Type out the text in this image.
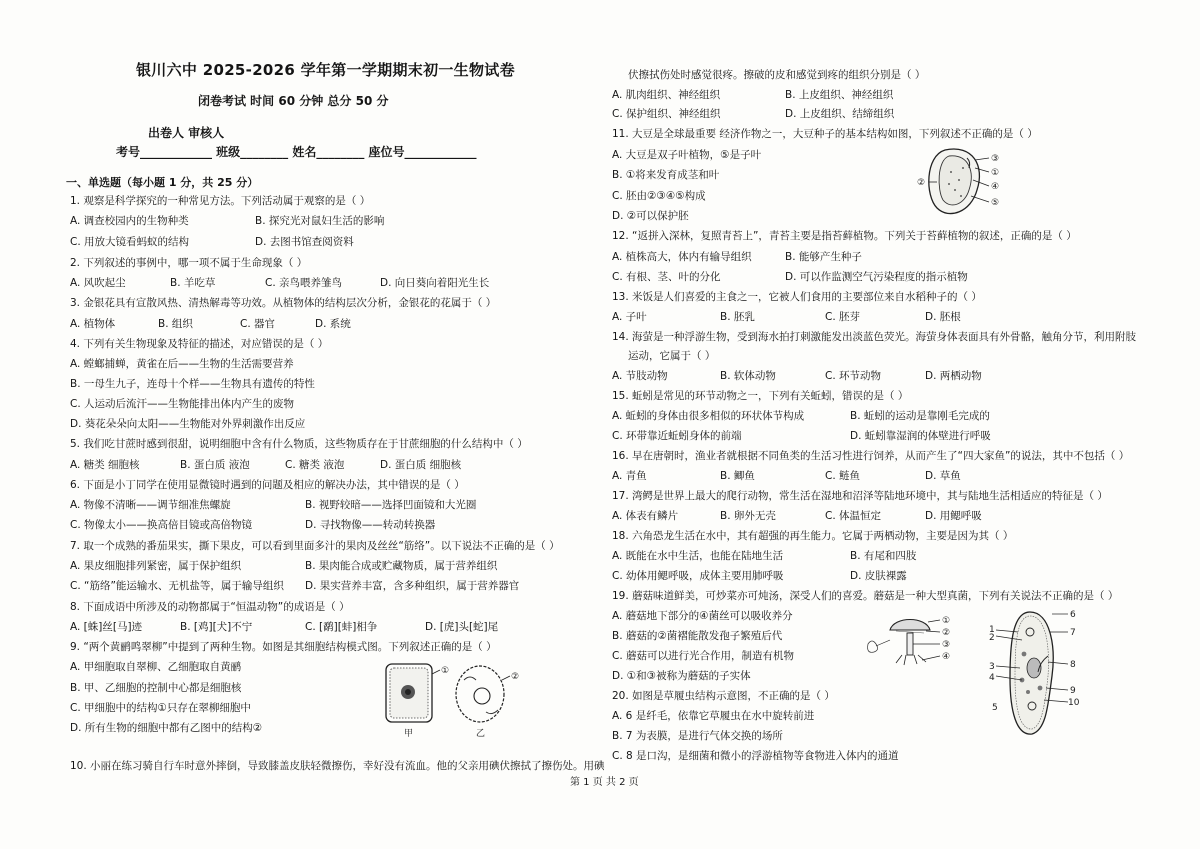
银川六中 2025-2026 学年第一学期期末初一生物试卷
闭卷考试 时间 60 分钟 总分 50 分
出卷人 审核人
考号____________ 班级________ 姓名________ 座位号____________
一、单选题（每小题 1 分，共 25 分）
1. 观察是科学探究的一种常见方法。下列活动属于观察的是（ ）
A. 调查校园内的生物种类	B. 探究光对鼠妇生活的影响
C. 用放大镜看蚂蚁的结构	D. 去图书馆查阅资料
2. 下列叙述的事例中，哪一项不属于生命现象（ ）
A. 风吹起尘	B. 羊吃草	C. 亲鸟喂养雏鸟	D. 向日葵向着阳光生长
3. 金银花具有宣散风热、清热解毒等功效。从植物体的结构层次分析，金银花的花属于（ ）
A. 植物体	B. 组织	C. 器官	D. 系统
4. 下列有关生物现象及特征的描述，对应错误的是（ ）
A. 螳螂捕蝉，黄雀在后——生物的生活需要营养
B. 一母生九子，连母十个样——生物具有遗传的特性
C. 人运动后流汗——生物能排出体内产生的废物
D. 葵花朵朵向太阳——生物能对外界刺激作出反应
5. 我们吃甘蔗时感到很甜，说明细胞中含有什么物质，这些物质存在于甘蔗细胞的什么结构中（ ）
A. 糖类 细胞核	B. 蛋白质 液泡	C. 糖类 液泡	D. 蛋白质 细胞核
6. 下面是小丁同学在使用显微镜时遇到的问题及相应的解决办法，其中错误的是（ ）
A. 物像不清晰——调节细准焦螺旋	B. 视野较暗——选择凹面镜和大光圈
C. 物像太小——换高倍目镜或高倍物镜	D. 寻找物像——转动转换器
7. 取一个成熟的番茄果实，撕下果皮，可以看到里面多汁的果肉及丝丝“筋络”。以下说法不正确的是（ ）
A. 果皮细胞排列紧密，属于保护组织	B. 果肉能合成或贮藏物质，属于营养组织
C. “筋络”能运输水、无机盐等，属于输导组织 D. 果实营养丰富，含多种组织，属于营养器官
8. 下面成语中所涉及的动物都属于“恒温动物”的成语是（ ）
A. [蛛]丝[马]迹	B. [鸡][犬]不宁	C. [鹬][蚌]相争	D. [虎]头[蛇]尾
9. “两个黄鹂鸣翠柳”中提到了两种生物。如图是其细胞结构模式图。下列叙述正确的是（ ）
A. 甲细胞取自翠柳、乙细胞取自黄鹂
B. 甲、乙细胞的控制中心都是细胞核
C. 甲细胞中的结构①只存在翠柳细胞中
D. 所有生物的细胞中都有乙图中的结构②
①
②
甲	乙
10. 小丽在练习骑自行车时意外摔倒，导致膝盖皮肤轻微擦伤，幸好没有流血。他的父亲用碘伏擦拭了擦伤处。用碘
伏擦拭伤处时感觉很疼。擦破的皮和感觉到疼的组织分别是（ ）
A. 肌肉组织、神经组织	B. 上皮组织、神经组织
C. 保护组织、神经组织	D. 上皮组织、结缔组织
11. 大豆是全球最重要 经济作物之一，大豆种子的基本结构如图，下列叙述不正确的是（ ）
A. 大豆是双子叶植物，⑤是子叶
B. ①将来发育成茎和叶
C. 胚由②③④⑤构成
D. ②可以保护胚
③
①
④
⑤
②
12. “返拼入深林，复照青苔上”，青苔主要是指苔藓植物。下列关于苔藓植物的叙述，正确的是（ ）
A. 植株高大，体内有输导组织	B. 能够产生种子
C. 有根、茎、叶的分化	D. 可以作监测空气污染程度的指示植物
13. 米饭是人们喜爱的主食之一，它被人们食用的主要部位来自水稻种子的（ ）
A. 子叶	B. 胚乳	C. 胚芽	D. 胚根
14. 海萤是一种浮游生物，受到海水拍打刺激能发出淡蓝色荧光。海萤身体表面具有外骨骼，触角分节，利用附肢
运动，它属于（ ）
A. 节肢动物	B. 软体动物	C. 环节动物	D. 两栖动物
15. 蚯蚓是常见的环节动物之一，下列有关蚯蚓，错误的是（ ）
A. 蚯蚓的身体由很多相似的环状体节构成	B. 蚯蚓的运动是靠刚毛完成的
C. 环带靠近蚯蚓身体的前端	D. 蚯蚓靠湿润的体壁进行呼吸
16. 早在唐朝时，渔业者就根据不同鱼类的生活习性进行饲养，从而产生了“四大家鱼”的说法，其中不包括（ ）
A. 青鱼	B. 鲫鱼	C. 鲢鱼	D. 草鱼
17. 湾鳄是世界上最大的爬行动物，常生活在湿地和沼泽等陆地环境中，其与陆地生活相适应的特征是（ ）
A. 体表有鳞片	B. 卵外无壳	C. 体温恒定	D. 用鳃呼吸
18. 六角恐龙生活在水中，其有超强的再生能力。它属于两栖动物，主要是因为其（ ）
A. 既能在水中生活，也能在陆地生活	B. 有尾和四肢
C. 幼体用鳃呼吸，成体主要用肺呼吸	D. 皮肤裸露
19. 蘑菇味道鲜美，可炒菜亦可炖汤，深受人们的喜爱。蘑菇是一种大型真菌，下列有关说法不正确的是（ ）
A. 蘑菇地下部分的④菌丝可以吸收养分
B. 蘑菇的②菌褶能散发孢子繁殖后代
C. 蘑菇可以进行光合作用，制造有机物
D. ①和③被称为蘑菇的子实体
①
②
③
④
6
7
8
9
10
1
2
3
4
5
20. 如图是草履虫结构示意图，不正确的是（ ）
A. 6 是纤毛，依靠它草履虫在水中旋转前进
B. 7 为表膜，是进行气体交换的场所
C. 8 是口沟，是细菌和微小的浮游植物等食物进入体内的通道
第 1 页 共 2 页
